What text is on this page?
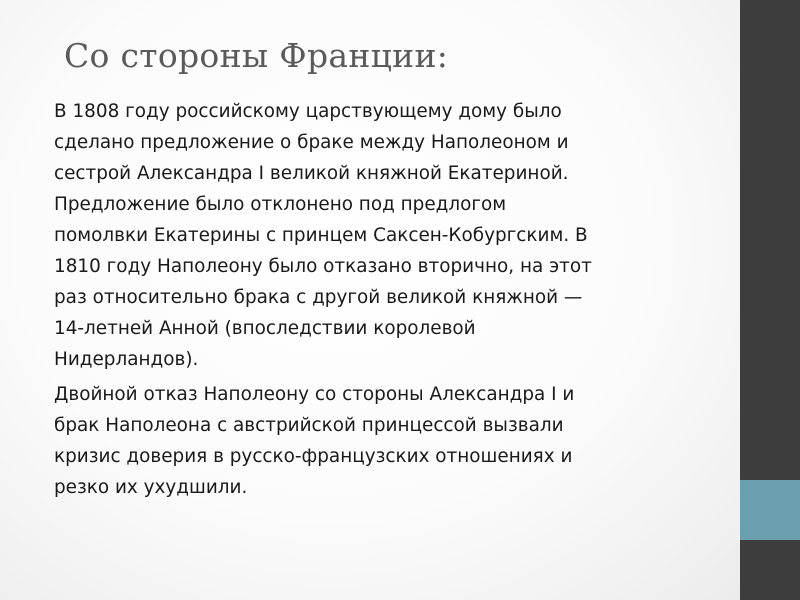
Со стороны Франции:

В 1808 году российскому царствующему дому было
сделано предложение о браке между Наполеоном и
сестрой Александра I великой княжной Екатериной.
Предложение было отклонено под предлогом
помолвки Екатерины с принцем Саксен-Кобургским. В
1810 году Наполеону было отказано вторично, на этот
раз относительно брака с другой великой княжной —
14-летней Анной (впоследствии королевой
Нидерландов).

Двойной отказ Наполеону со стороны Александра I и
брак Наполеона с австрийской принцессой вызвали
кризис доверия в русско-французских отношениях и
резко их ухудшили.
